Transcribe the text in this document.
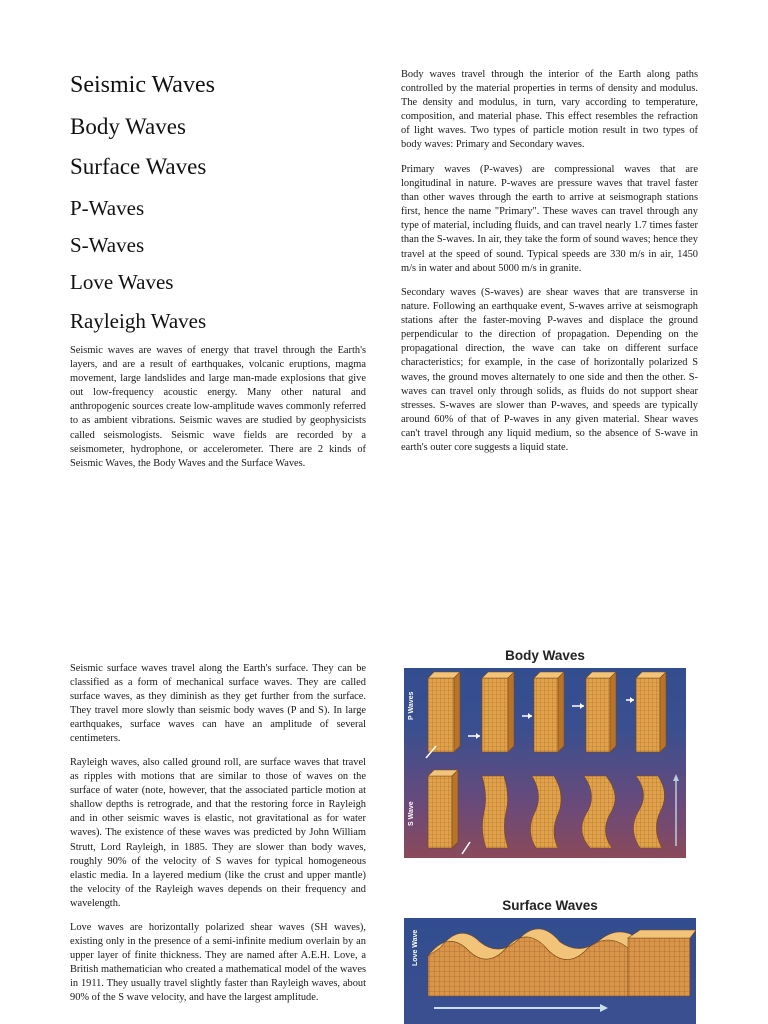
Seismic Waves
Body Waves
Surface Waves
P-Waves
S-Waves
Love Waves
Rayleigh Waves

Seismic waves are waves of energy that travel through the Earth's layers, and are a result of earthquakes, volcanic eruptions, magma movement, large landslides and large man-made explosions that give out low-frequency acoustic energy. Many other natural and anthropogenic sources create low-amplitude waves commonly referred to as ambient vibrations. Seismic waves are studied by geophysicists called seismologists. Seismic wave fields are recorded by a seismometer, hydrophone, or accelerometer. There are 2 kinds of Seismic Waves, the Body Waves and the Surface Waves.

Body waves travel through the interior of the Earth along paths controlled by the material properties in terms of density and modulus. The density and modulus, in turn, vary according to temperature, composition, and material phase. This effect resembles the refraction of light waves. Two types of particle motion result in two types of body waves: Primary and Secondary waves.

Primary waves (P-waves) are compressional waves that are longitudinal in nature. P-waves are pressure waves that travel faster than other waves through the earth to arrive at seismograph stations first, hence the name "Primary". These waves can travel through any type of material, including fluids, and can travel nearly 1.7 times faster than the S-waves. In air, they take the form of sound waves; hence they travel at the speed of sound. Typical speeds are 330 m/s in air, 1450 m/s in water and about 5000 m/s in granite.

Secondary waves (S-waves) are shear waves that are transverse in nature. Following an earthquake event, S-waves arrive at seismograph stations after the faster-moving P-waves and displace the ground perpendicular to the direction of propagation. Depending on the propagational direction, the wave can take on different surface characteristics; for example, in the case of horizontally polarized S waves, the ground moves alternately to one side and then the other. S-waves can travel only through solids, as fluids do not support shear stresses. S-waves are slower than P-waves, and speeds are typically around 60% of that of P-waves in any given material. Shear waves can't travel through any liquid medium, so the absence of S-wave in earth's outer core suggests a liquid state.

Seismic surface waves travel along the Earth's surface. They can be classified as a form of mechanical surface waves. They are called surface waves, as they diminish as they get further from the surface. They travel more slowly than seismic body waves (P and S). In large earthquakes, surface waves can have an amplitude of several centimeters.

Rayleigh waves, also called ground roll, are surface waves that travel as ripples with motions that are similar to those of waves on the surface of water (note, however, that the associated particle motion at shallow depths is retrograde, and that the restoring force in Rayleigh and in other seismic waves is elastic, not gravitational as for water waves). The existence of these waves was predicted by John William Strutt, Lord Rayleigh, in 1885. They are slower than body waves, roughly 90% of the velocity of S waves for typical homogeneous elastic media. In a layered medium (like the crust and upper mantle) the velocity of the Rayleigh waves depends on their frequency and wavelength.

Love waves are horizontally polarized shear waves (SH waves), existing only in the presence of a semi-infinite medium overlain by an upper layer of finite thickness. They are named after A.E.H. Love, a British mathematician who created a mathematical model of the waves in 1911. They usually travel slightly faster than Rayleigh waves, about 90% of the S wave velocity, and have the largest amplitude.

Body Waves
P Waves
S Wave
Surface Waves
Love Wave
